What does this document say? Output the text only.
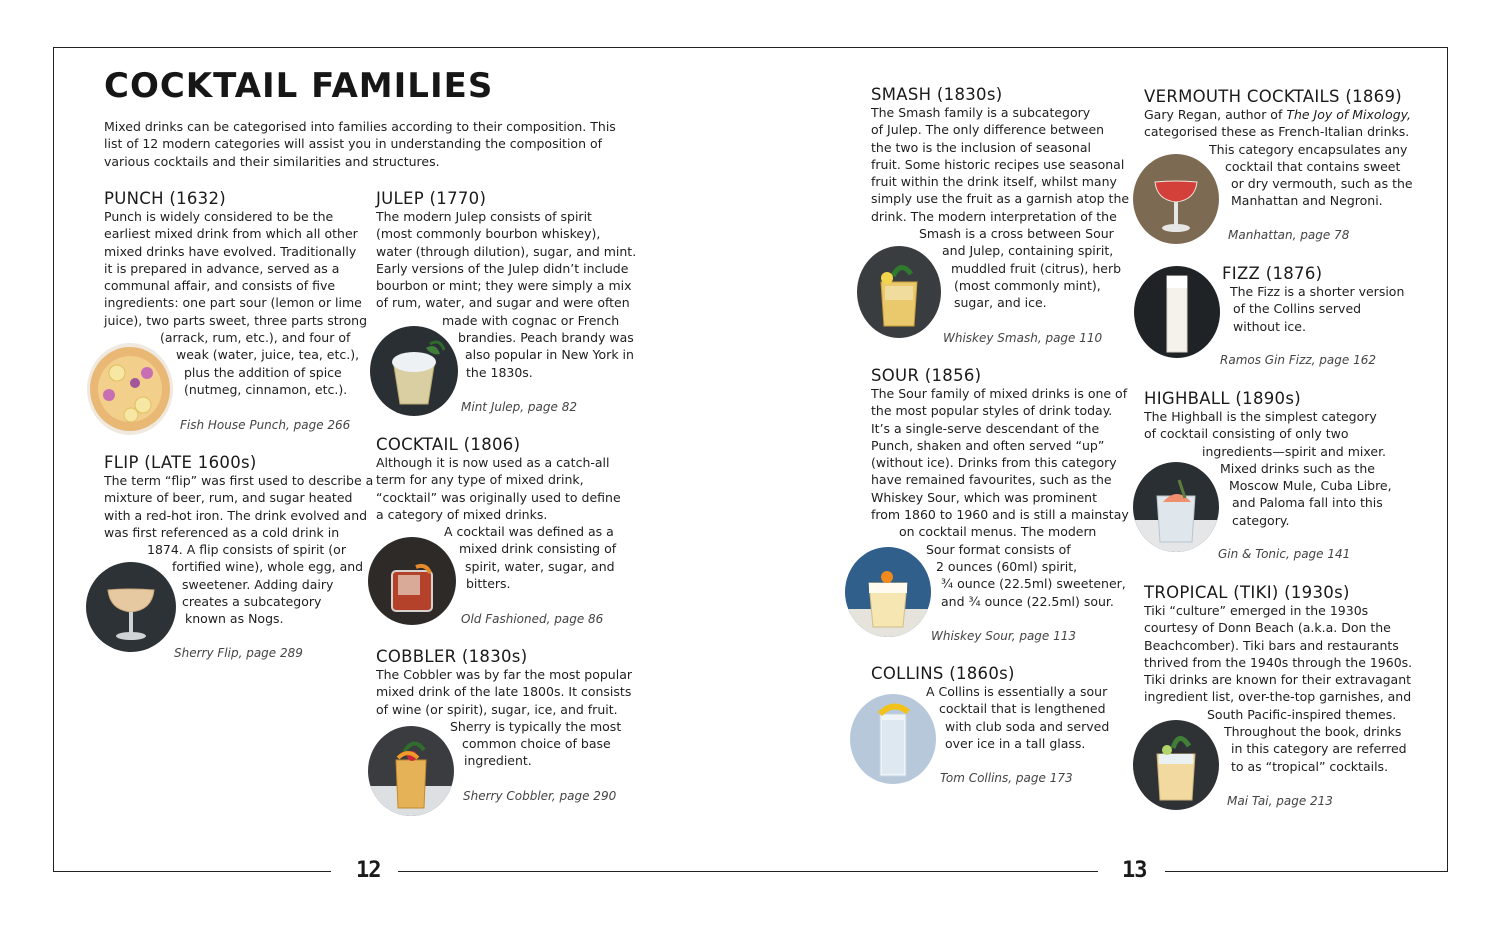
12	13
COCKTAIL FAMILIES
Mixed drinks can be categorised into families according to their composition. This list of 12 modern categories will assist you in understanding the composition of various cocktails and their similarities and structures.
PUNCH (1632)
Punch is widely considered to be the
earliest mixed drink from which all other
mixed drinks have evolved. Traditionally
it is prepared in advance, served as a
communal affair, and consists of five
ingredients: one part sour (lemon or lime
juice), two parts sweet, three parts strong
(arrack, rum, etc.), and four of
weak (water, juice, tea, etc.),
plus the addition of spice
(nutmeg, cinnamon, etc.).
Fish House Punch, page 266
FLIP (LATE 1600s)
The term “flip” was first used to describe a
mixture of beer, rum, and sugar heated
with a red-hot iron. The drink evolved and
was first referenced as a cold drink in
1874. A flip consists of spirit (or
fortified wine), whole egg, and
sweetener. Adding dairy
creates a subcategory
known as Nogs.
Sherry Flip, page 289
JULEP (1770)
The modern Julep consists of spirit
(most commonly bourbon whiskey),
water (through dilution), sugar, and mint.
Early versions of the Julep didn’t include
bourbon or mint; they were simply a mix
of rum, water, and sugar and were often
made with cognac or French
brandies. Peach brandy was
also popular in New York in
the 1830s.
Mint Julep, page 82
COCKTAIL (1806)
Although it is now used as a catch-all
term for any type of mixed drink,
“cocktail” was originally used to define
a category of mixed drinks.
A cocktail was defined as a
mixed drink consisting of
spirit, water, sugar, and
bitters.
Old Fashioned, page 86
COBBLER (1830s)
The Cobbler was by far the most popular
mixed drink of the late 1800s. It consists
of wine (or spirit), sugar, ice, and fruit.
Sherry is typically the most
common choice of base
ingredient.
Sherry Cobbler, page 290
SMASH (1830s)
The Smash family is a subcategory
of Julep. The only difference between
the two is the inclusion of seasonal
fruit. Some historic recipes use seasonal
fruit within the drink itself, whilst many
simply use the fruit as a garnish atop the
drink. The modern interpretation of the
Smash is a cross between Sour
and Julep, containing spirit,
muddled fruit (citrus), herb
(most commonly mint),
sugar, and ice.
Whiskey Smash, page 110
SOUR (1856)
The Sour family of mixed drinks is one of
the most popular styles of drink today.
It’s a single-serve descendant of the
Punch, shaken and often served “up”
(without ice). Drinks from this category
have remained favourites, such as the
Whiskey Sour, which was prominent
from 1860 to 1960 and is still a mainstay
on cocktail menus. The modern
Sour format consists of
2 ounces (60ml) spirit,
¾ ounce (22.5ml) sweetener,
and ¾ ounce (22.5ml) sour.
Whiskey Sour, page 113
COLLINS (1860s)
A Collins is essentially a sour
cocktail that is lengthened
with club soda and served
over ice in a tall glass.
Tom Collins, page 173
VERMOUTH COCKTAILS (1869)
Gary Regan, author of The Joy of Mixology,
categorised these as French-Italian drinks.
This category encapsulates any
cocktail that contains sweet
or dry vermouth, such as the
Manhattan and Negroni.
Manhattan, page 78
FIZZ (1876)
The Fizz is a shorter version
of the Collins served
without ice.
Ramos Gin Fizz, page 162
HIGHBALL (1890s)
The Highball is the simplest category
of cocktail consisting of only two
ingredients—spirit and mixer.
Mixed drinks such as the
Moscow Mule, Cuba Libre,
and Paloma fall into this
category.
Gin & Tonic, page 141
TROPICAL (TIKI) (1930s)
Tiki “culture” emerged in the 1930s
courtesy of Donn Beach (a.k.a. Don the
Beachcomber). Tiki bars and restaurants
thrived from the 1940s through the 1960s.
Tiki drinks are known for their extravagant
ingredient list, over-the-top garnishes, and
South Pacific-inspired themes.
Throughout the book, drinks
in this category are referred
to as “tropical” cocktails.
Mai Tai, page 213
